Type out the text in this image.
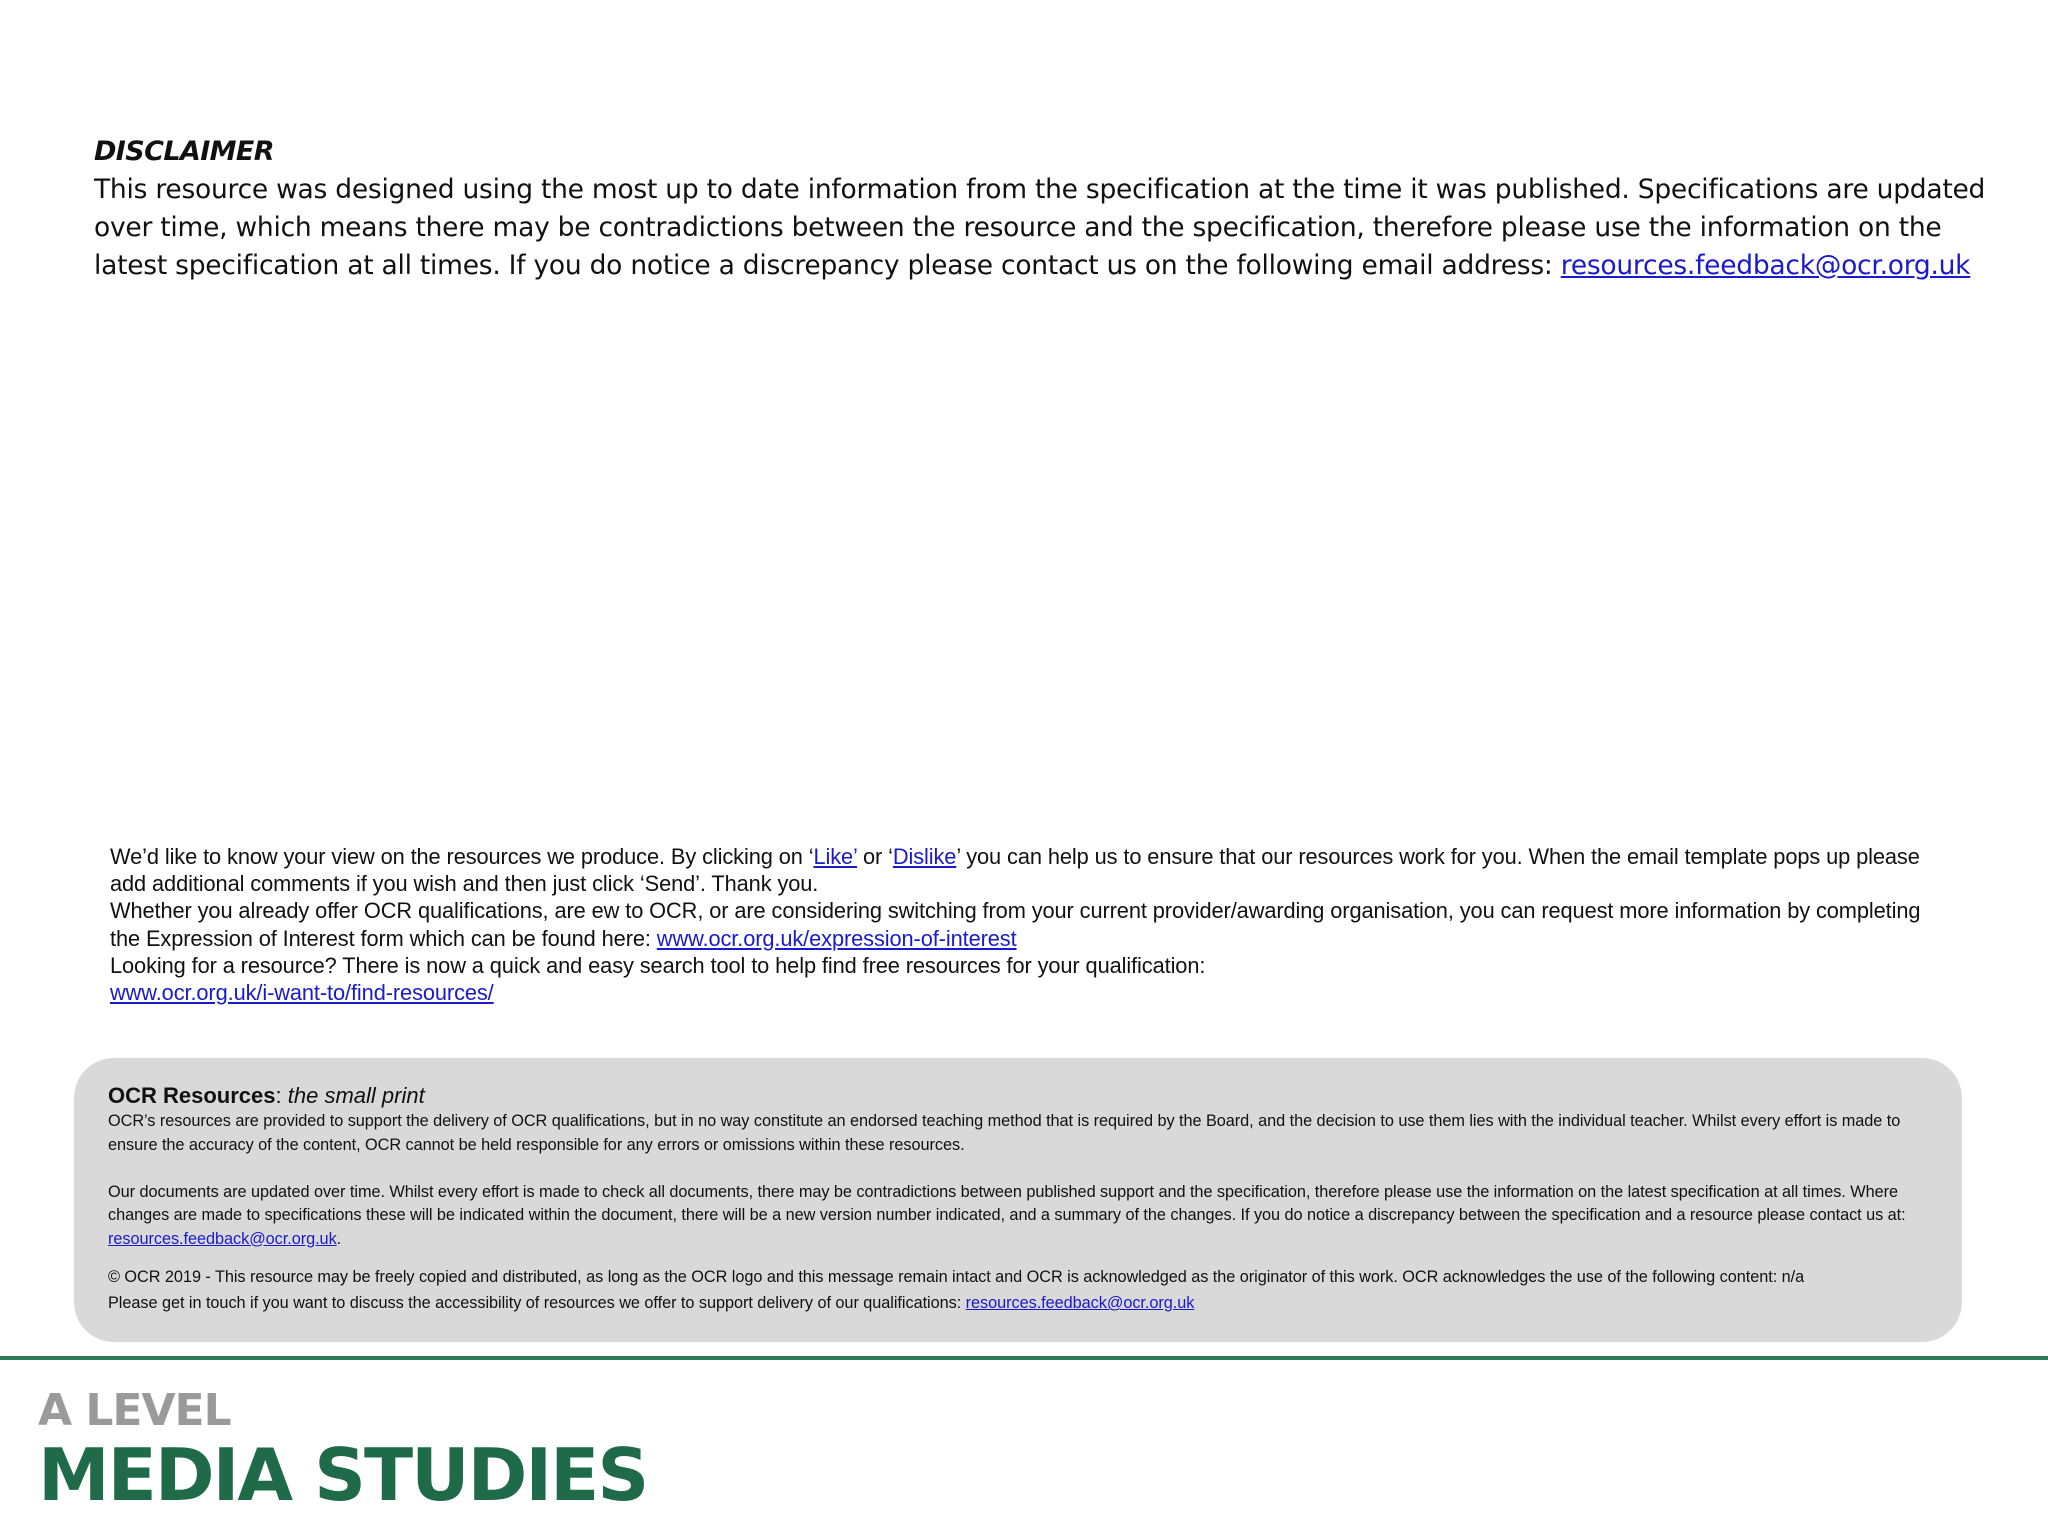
DISCLAIMER

This resource was designed using the most up to date information from the specification at the time it was published. Specifications are updated over time, which means there may be contradictions between the resource and the specification, therefore please use the information on the latest specification at all times. If you do notice a discrepancy please contact us on the following email address: resources.feedback@ocr.org.uk

We’d like to know your view on the resources we produce. By clicking on ‘Like’ or ‘Dislike’ you can help us to ensure that our resources work for you. When the email template pops up please add additional comments if you wish and then just click ‘Send’. Thank you.

Whether you already offer OCR qualifications, are ew to OCR, or are considering switching from your current provider/awarding organisation, you can request more information by completing the Expression of Interest form which can be found here: www.ocr.org.uk/expression-of-interest

Looking for a resource? There is now a quick and easy search tool to help find free resources for your qualification:
www.ocr.org.uk/i-want-to/find-resources/

OCR Resources: the small print

OCR’s resources are provided to support the delivery of OCR qualifications, but in no way constitute an endorsed teaching method that is required by the Board, and the decision to use them lies with the individual teacher. Whilst every effort is made to ensure the accuracy of the content, OCR cannot be held responsible for any errors or omissions within these resources.

Our documents are updated over time. Whilst every effort is made to check all documents, there may be contradictions between published support and the specification, therefore please use the information on the latest specification at all times. Where changes are made to specifications these will be indicated within the document, there will be a new version number indicated, and a summary of the changes. If you do notice a discrepancy between the specification and a resource please contact us at: resources.feedback@ocr.org.uk.

© OCR 2019 - This resource may be freely copied and distributed, as long as the OCR logo and this message remain intact and OCR is acknowledged as the originator of this work. OCR acknowledges the use of the following content: n/a

Please get in touch if you want to discuss the accessibility of resources we offer to support delivery of our qualifications: resources.feedback@ocr.org.uk

A LEVEL
MEDIA STUDIES
